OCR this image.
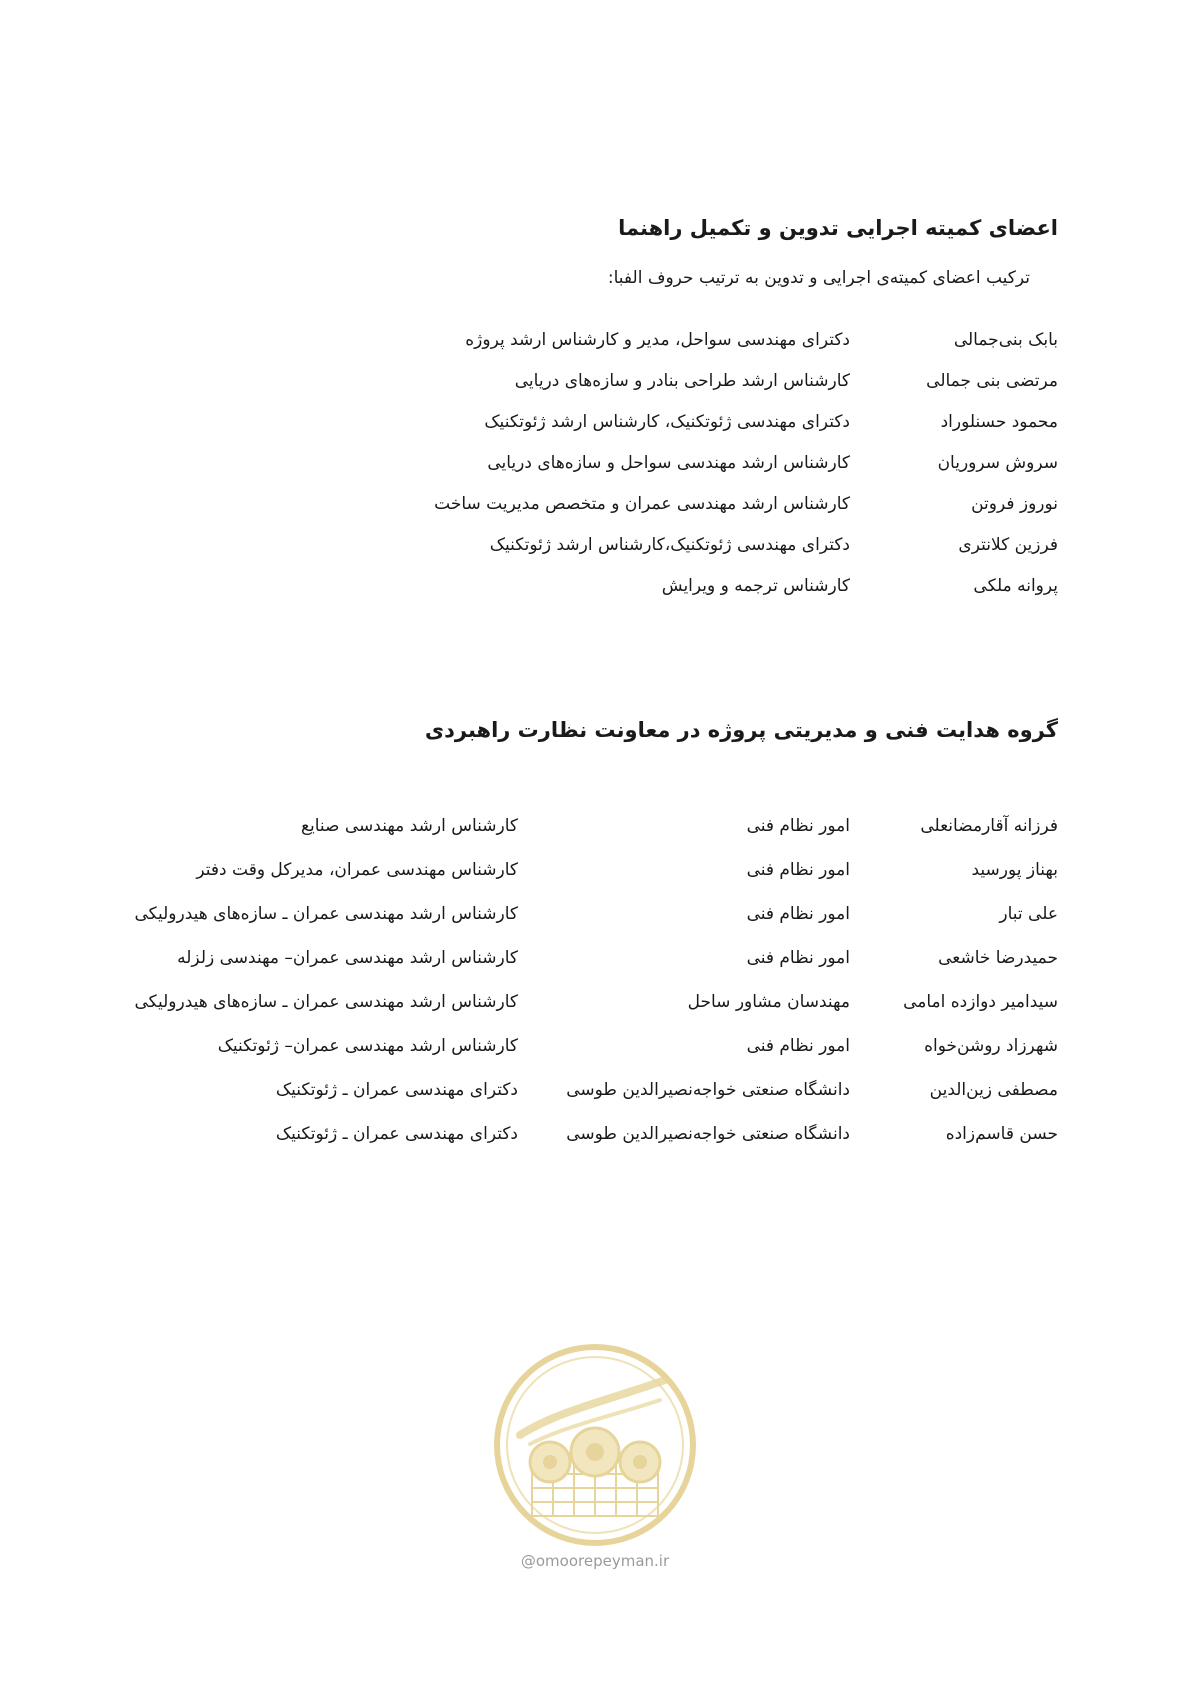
اعضای کمیته اجرایی تدوین و تکمیل راهنما
ترکیب اعضای کمیته‌ی اجرایی و تدوین به ترتیب حروف الفبا:
بابک بنی‌جمالی
دکترای مهندسی سواحل، مدیر و کارشناس ارشد پروژه
مرتضی بنی جمالی
کارشناس ارشد طراحی بنادر و سازه‌های دریایی
محمود حسنلوراد
دکترای مهندسی ژئوتکنیک، کارشناس ارشد ژئوتکنیک
سروش سروریان
کارشناس ارشد مهندسی سواحل و سازه‌های دریایی
نوروز فروتن
کارشناس ارشد مهندسی عمران و متخصص مدیریت ساخت
فرزین کلانتری
دکترای مهندسی ژئوتکنیک،کارشناس ارشد ژئوتکنیک
پروانه ملکی
کارشناس ترجمه و ویرایش
گروه هدایت فنی و مدیریتی پروژه در معاونت نظارت راهبردی
فرزانه آقارمضانعلی
امور نظام فنی
کارشناس ارشد مهندسی صنایع
بهناز پورسید
امور نظام فنی
کارشناس مهندسی عمران، مدیرکل وقت دفتر
علی تبار
امور نظام فنی
کارشناس ارشد مهندسی عمران ـ سازه‌های هیدرولیکی
حمیدرضا خاشعی
امور نظام فنی
کارشناس ارشد مهندسی عمران– مهندسی زلزله
سیدامیر دوازده امامی
مهندسان مشاور ساحل
کارشناس ارشد مهندسی عمران ـ سازه‌های هیدرولیکی
شهرزاد روشن‌خواه
امور نظام فنی
کارشناس ارشد مهندسی عمران– ژئوتکنیک
مصطفی زین‌الدین
دانشگاه صنعتی خواجه‌نصیرالدین طوسی
دکترای مهندسی عمران ـ ژئوتکنیک
حسن قاسم‌زاده
دانشگاه صنعتی خواجه‌نصیرالدین طوسی
دکترای مهندسی عمران ـ ژئوتکنیک
@omoorepeyman.ir
